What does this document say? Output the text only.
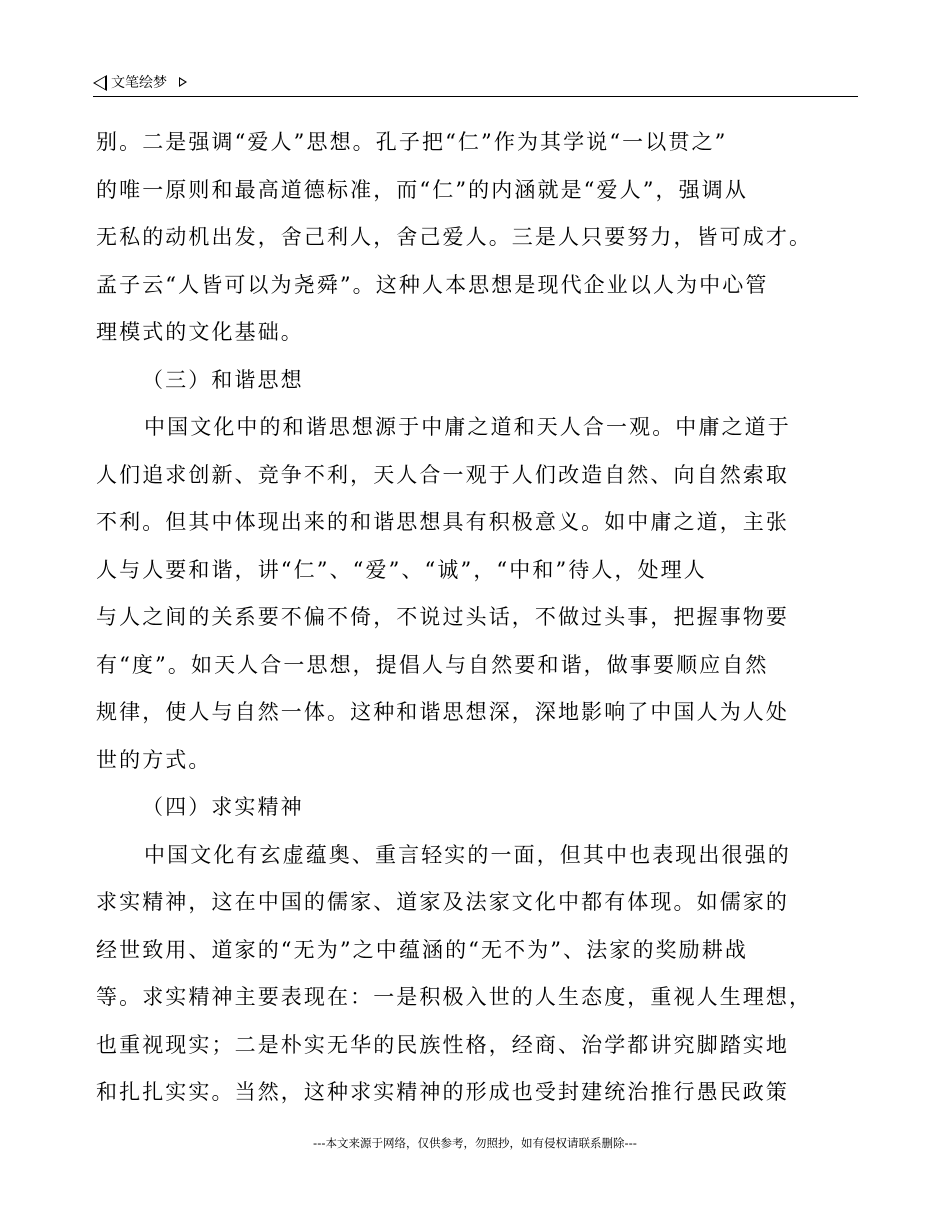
文笔绘梦
别。二是强调“爱人”思想。孔子把“仁”作为其学说“一以贯之”
的唯一原则和最高道德标准，而“仁”的内涵就是“爱人”，强调从
无私的动机出发，舍己利人，舍己爱人。三是人只要努力，皆可成才。
孟子云“人皆可以为尧舜”。这种人本思想是现代企业以人为中心管
理模式的文化基础。
（三）和谐思想
中国文化中的和谐思想源于中庸之道和天人合一观。中庸之道于
人们追求创新、竞争不利，天人合一观于人们改造自然、向自然索取
不利。但其中体现出来的和谐思想具有积极意义。如中庸之道，主张
人与人要和谐，讲“仁”、“爱”、“诚”，“中和”待人，处理人
与人之间的关系要不偏不倚，不说过头话，不做过头事，把握事物要
有“度”。如天人合一思想，提倡人与自然要和谐，做事要顺应自然
规律，使人与自然一体。这种和谐思想深，深地影响了中国人为人处
世的方式。
（四）求实精神
中国文化有玄虚蕴奥、重言轻实的一面，但其中也表现出很强的
求实精神，这在中国的儒家、道家及法家文化中都有体现。如儒家的
经世致用、道家的“无为”之中蕴涵的“无不为”、法家的奖励耕战
等。求实精神主要表现在：一是积极入世的人生态度，重视人生理想，
也重视现实；二是朴实无华的民族性格，经商、治学都讲究脚踏实地
和扎扎实实。当然，这种求实精神的形成也受封建统治推行愚民政策
---本文来源于网络，仅供参考，勿照抄，如有侵权请联系删除---
